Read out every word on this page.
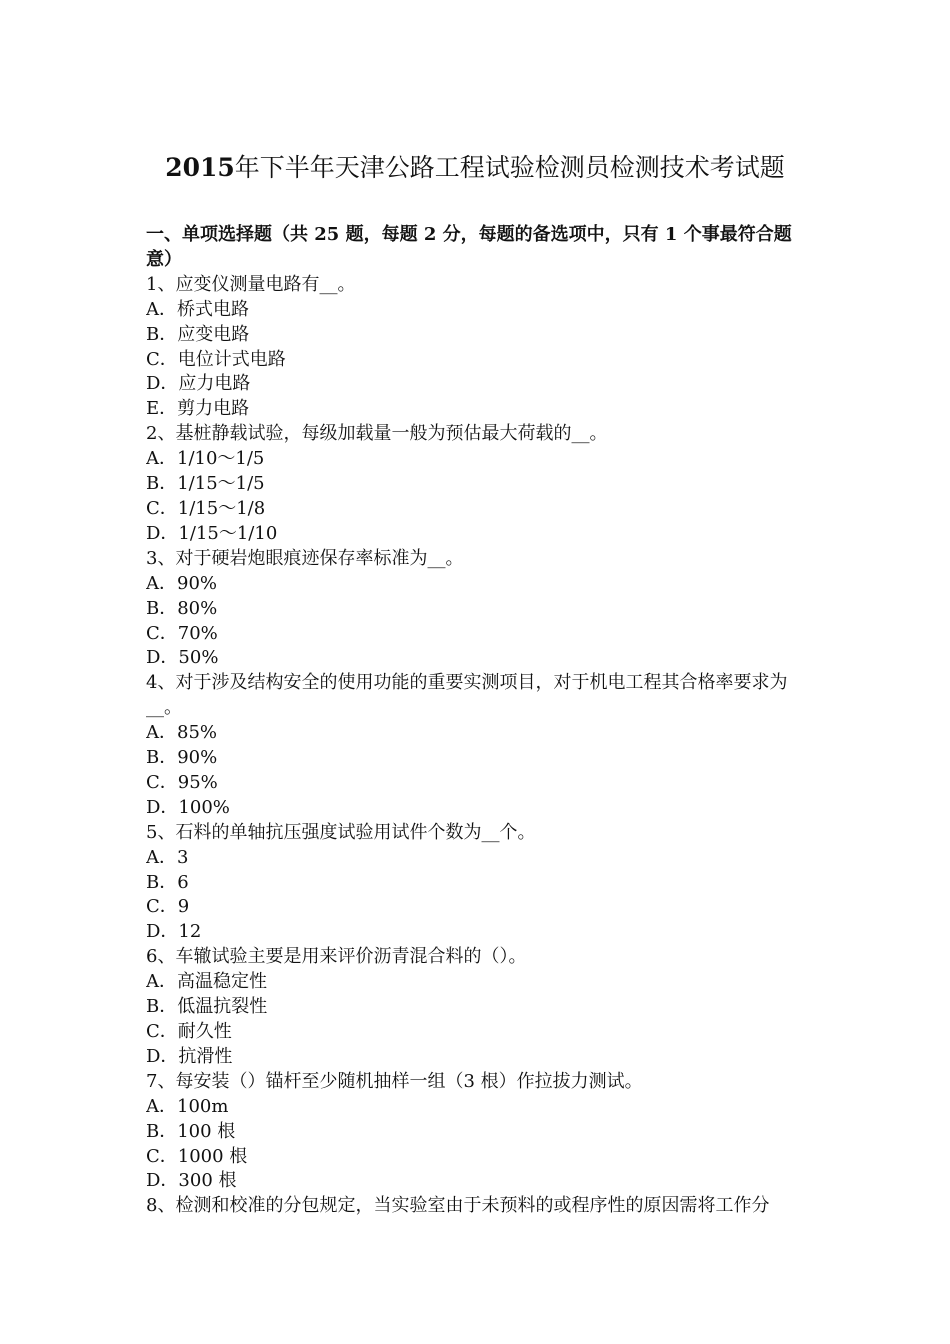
2015年下半年天津公路工程试验检测员检测技术考试题
一、单项选择题（共 25 题，每题 2 分，每题的备选项中，只有 1 个事最符合题意）
1、应变仪测量电路有__。
A．桥式电路
B．应变电路
C．电位计式电路
D．应力电路
E．剪力电路
2、基桩静载试验，每级加载量一般为预估最大荷载的__。
A．1/10～1/5
B．1/15～1/5
C．1/15～1/8
D．1/15～1/10
3、对于硬岩炮眼痕迹保存率标准为__。
A．90%
B．80%
C．70%
D．50%
4、对于涉及结构安全的使用功能的重要实测项目，对于机电工程其合格率要求为__。
A．85%
B．90%
C．95%
D．100%
5、石料的单轴抗压强度试验用试件个数为__个。
A．3
B．6
C．9
D．12
6、车辙试验主要是用来评价沥青混合料的（）。
A．高温稳定性
B．低温抗裂性
C．耐久性
D．抗滑性
7、每安装（）锚杆至少随机抽样一组（3 根）作拉拔力测试。
A．100m
B．100 根
C．1000 根
D．300 根
8、检测和校准的分包规定，当实验室由于未预料的或程序性的原因需将工作分
